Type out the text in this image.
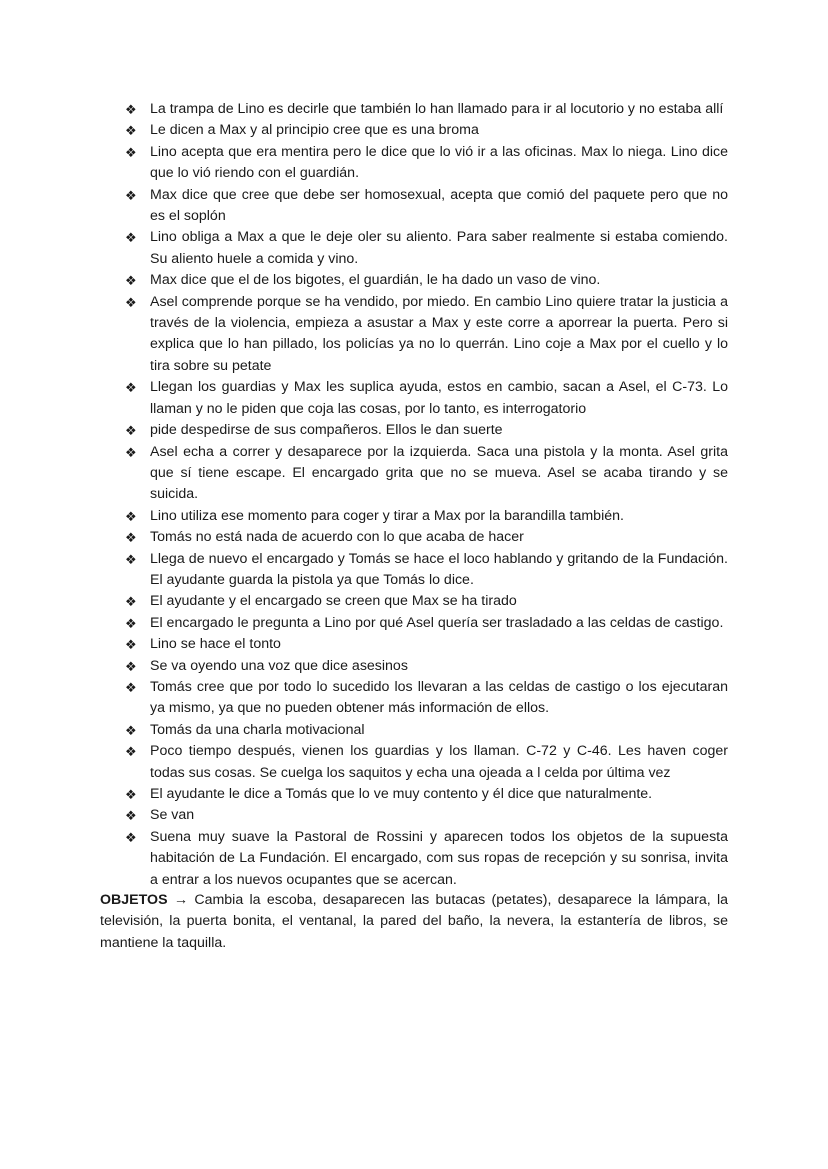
❖ La trampa de Lino es decirle que también lo han llamado para ir al locutorio y no estaba allí
❖ Le dicen a Max y al principio cree que es una broma
❖ Lino acepta que era mentira pero le dice que lo vió ir a las oficinas. Max lo niega. Lino dice que lo vió riendo con el guardián.
❖ Max dice que cree que debe ser homosexual, acepta que comió del paquete pero que no es el soplón
❖ Lino obliga a Max a que le deje oler su aliento. Para saber realmente si estaba comiendo. Su aliento huele a comida y vino.
❖ Max dice que el de los bigotes, el guardián, le ha dado un vaso de vino.
❖ Asel comprende porque se ha vendido, por miedo. En cambio Lino quiere tratar la justicia a través de la violencia, empieza a asustar a Max y este corre a aporrear la puerta. Pero si explica que lo han pillado, los policías ya no lo querrán. Lino coje a Max por el cuello y lo tira sobre su petate
❖ Llegan los guardias y Max les suplica ayuda, estos en cambio, sacan a Asel, el C-73. Lo llaman y no le piden que coja las cosas, por lo tanto, es interrogatorio
❖ pide despedirse de sus compañeros. Ellos le dan suerte
❖ Asel echa a correr y desaparece por la izquierda. Saca una pistola y la monta. Asel grita que sí tiene escape. El encargado grita que no se mueva. Asel se acaba tirando y se suicida.
❖ Lino utiliza ese momento para coger y tirar a Max por la barandilla también.
❖ Tomás no está nada de acuerdo con lo que acaba de hacer
❖ Llega de nuevo el encargado y Tomás se hace el loco hablando y gritando de la Fundación. El ayudante guarda la pistola ya que Tomás lo dice.
❖ El ayudante y el encargado se creen que Max se ha tirado
❖ El encargado le pregunta a Lino por qué Asel quería ser trasladado a las celdas de castigo.
❖ Lino se hace el tonto
❖ Se va oyendo una voz que dice asesinos
❖ Tomás cree que por todo lo sucedido los llevaran a las celdas de castigo o los ejecutaran ya mismo, ya que no pueden obtener más información de ellos.
❖ Tomás da una charla motivacional
❖ Poco tiempo después, vienen los guardias y los llaman. C-72 y C-46. Les haven coger todas sus cosas. Se cuelga los saquitos y echa una ojeada a l celda por última vez
❖ El ayudante le dice a Tomás que lo ve muy contento y él dice que naturalmente.
❖ Se van
❖ Suena muy suave la Pastoral de Rossini y aparecen todos los objetos de la supuesta habitación de La Fundación. El encargado, com sus ropas de recepción y su sonrisa, invita a entrar a los nuevos ocupantes que se acercan.

OBJETOS → Cambia la escoba, desaparecen las butacas (petates), desaparece la lámpara, la televisión, la puerta bonita, el ventanal, la pared del baño, la nevera, la estantería de libros, se mantiene la taquilla.
